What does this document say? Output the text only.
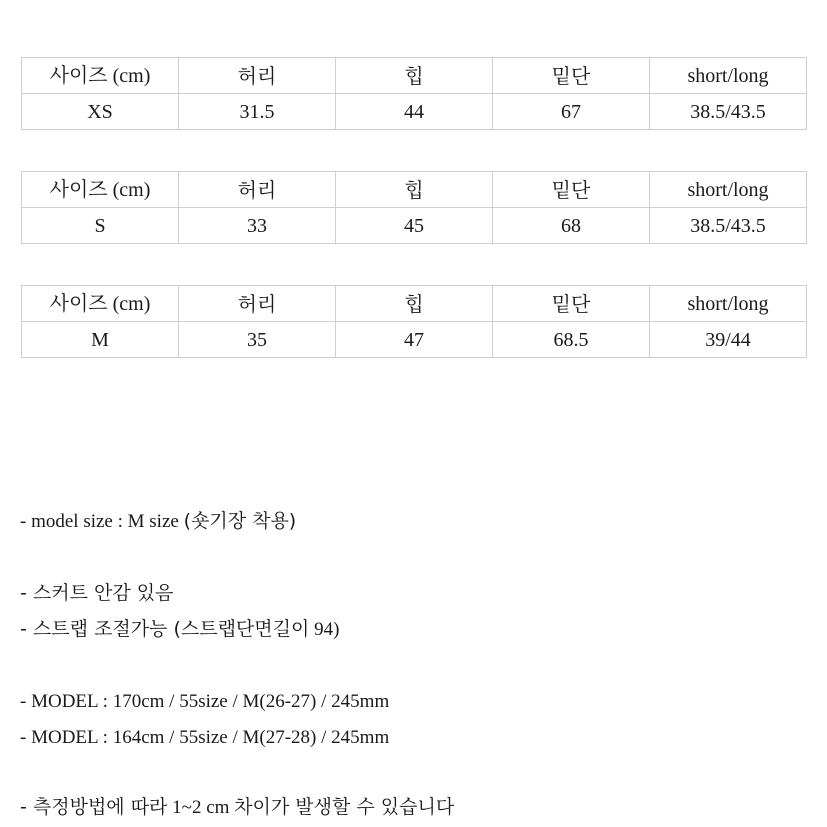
사이즈 (cm)	허리	힙	밑단	short/long
XS	31.5	44	67	38.5/43.5
사이즈 (cm)	허리	힙	밑단	short/long
S	33	45	68	38.5/43.5
사이즈 (cm)	허리	힙	밑단	short/long
M	35	47	68.5	39/44
- model size : M size (숏기장 착용)
- 스커트 안감 있음
- 스트랩 조절가능 (스트랩단면길이 94)
- MODEL : 170cm / 55size / M(26-27) / 245mm
- MODEL : 164cm / 55size / M(27-28) / 245mm
- 측정방법에 따라 1~2 cm 차이가 발생할 수 있습니다
